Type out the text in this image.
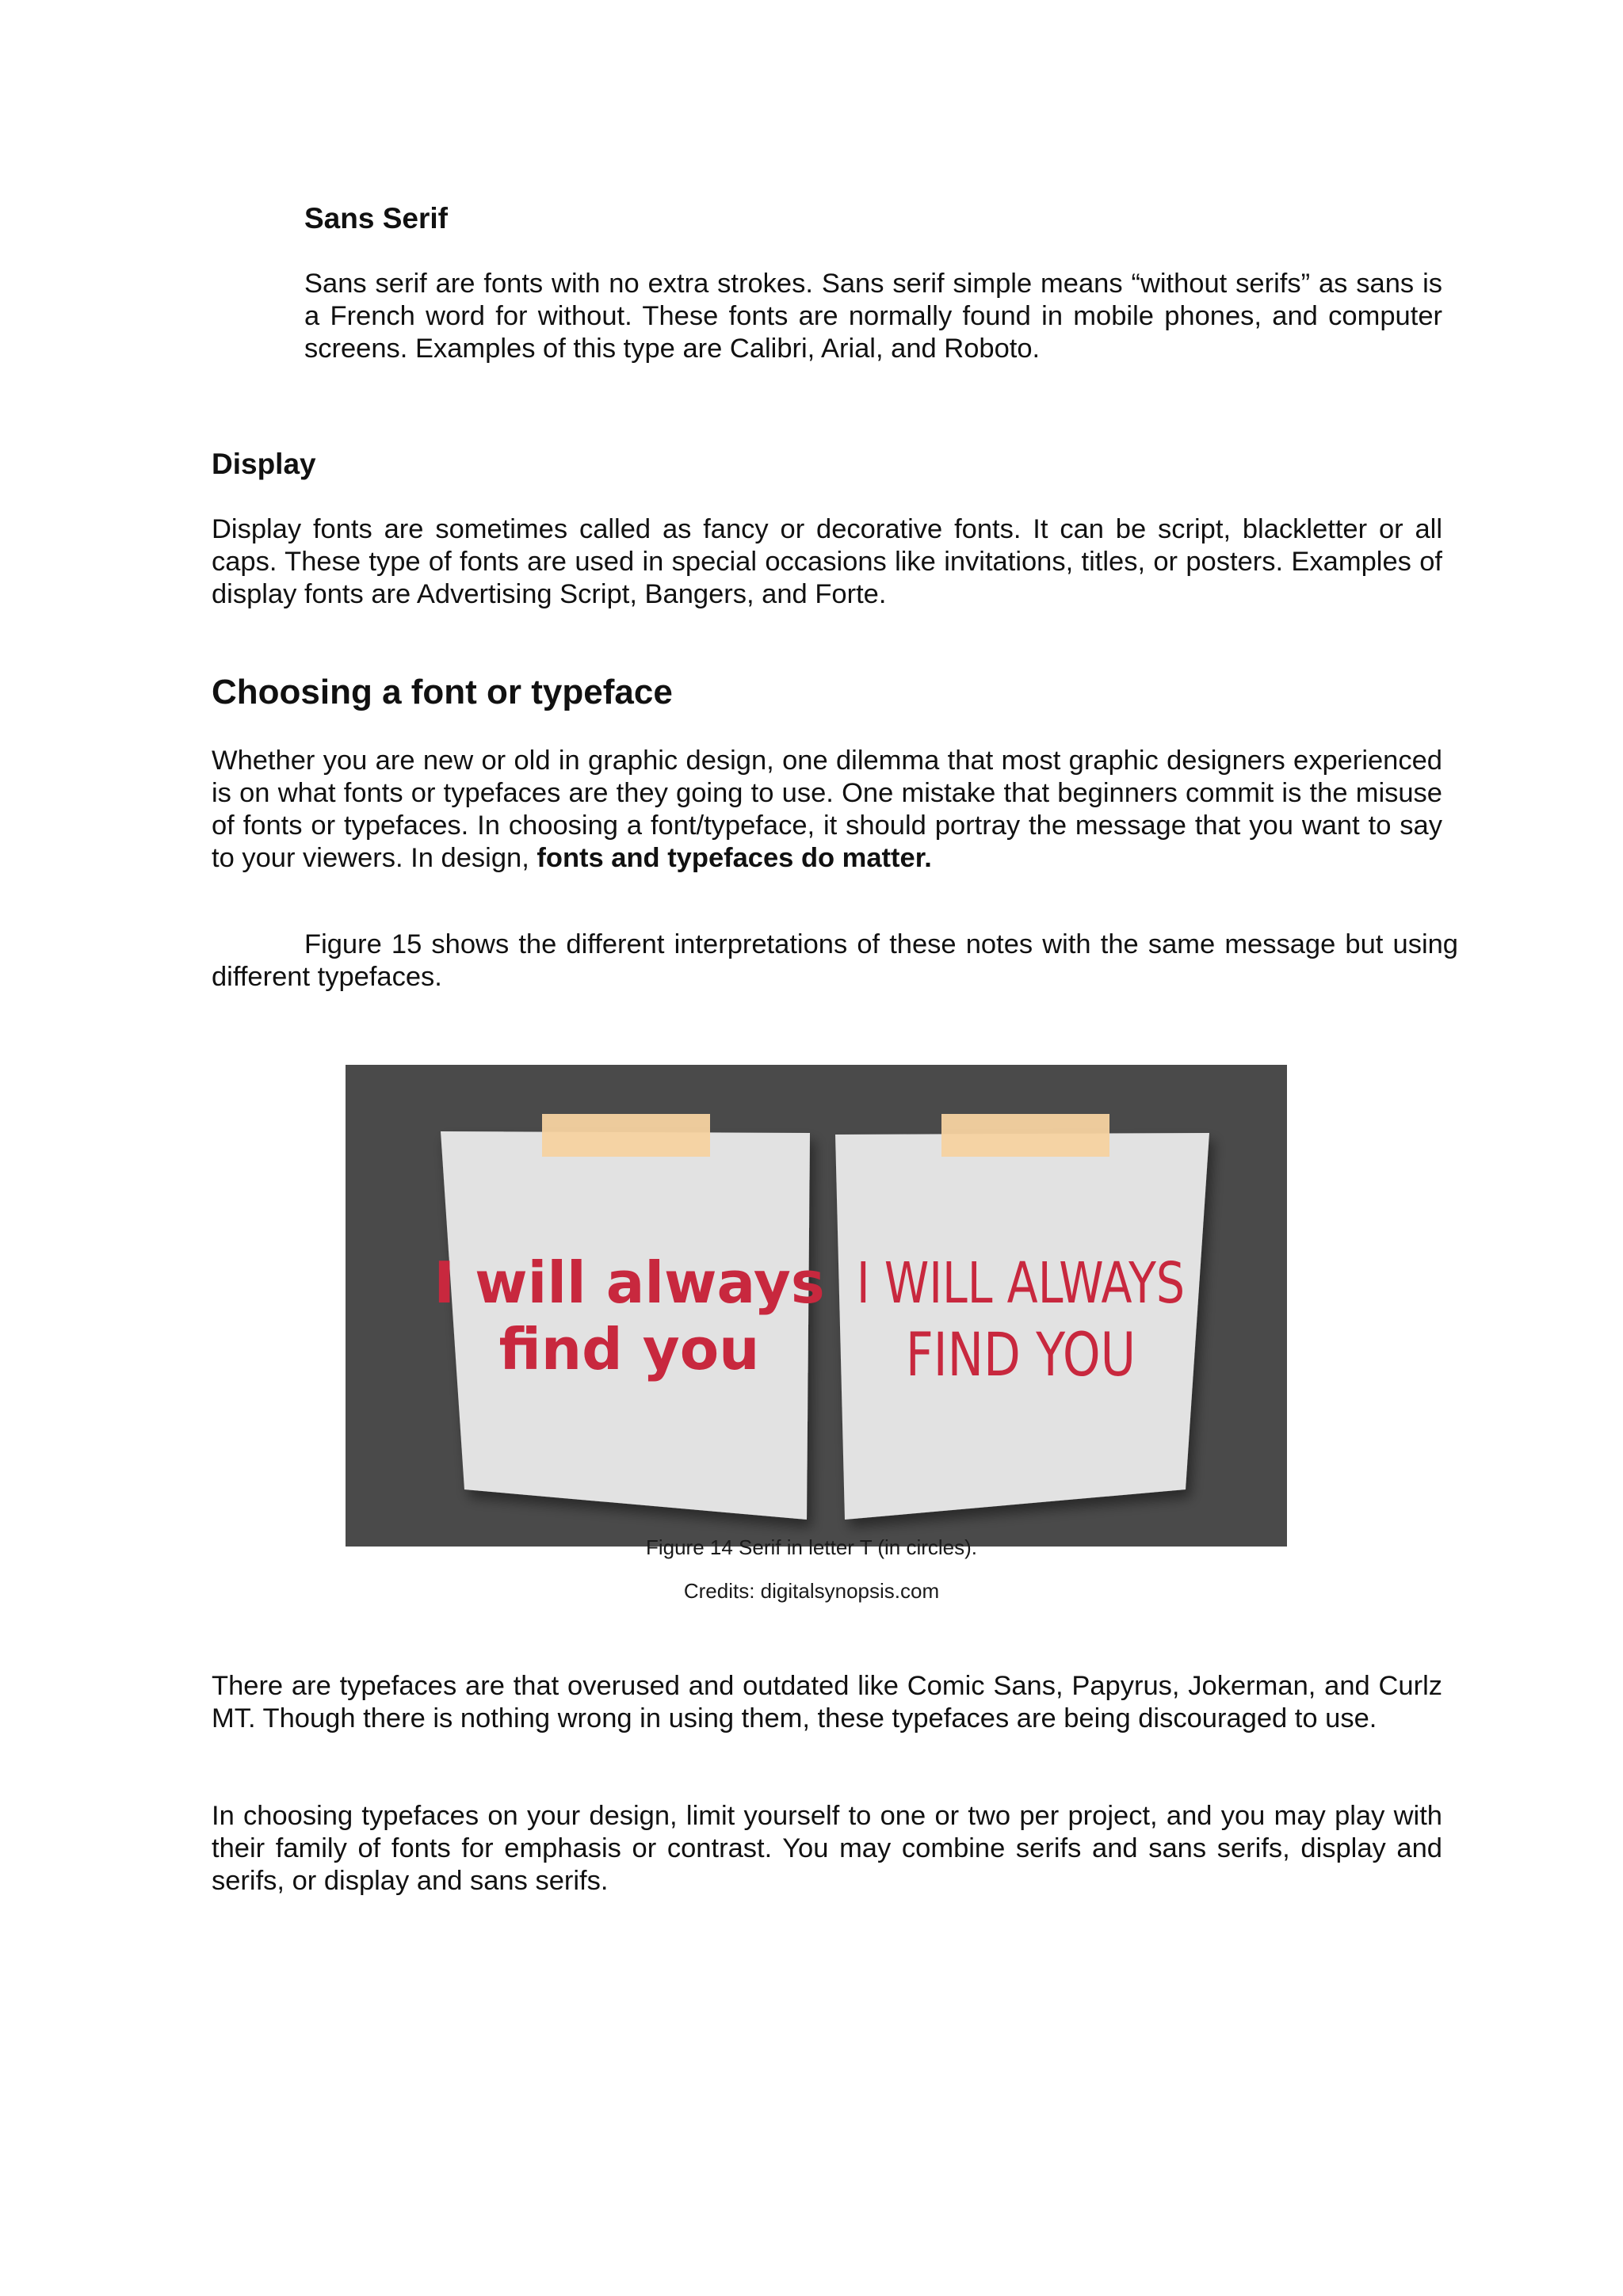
Sans Serif

Sans serif are fonts with no extra strokes. Sans serif simple means “without serifs” as sans is a French word for without. These fonts are normally found in mobile phones, and computer screens. Examples of this type are Calibri, Arial, and Roboto.

Display

Display fonts are sometimes called as fancy or decorative fonts. It can be script, blackletter or all caps. These type of fonts are used in special occasions like invitations, titles, or posters. Examples of display fonts are Advertising Script, Bangers, and Forte.

Choosing a font or typeface

Whether you are new or old in graphic design, one dilemma that most graphic designers experienced is on what fonts or typefaces are they going to use. One mistake that beginners commit is the misuse of fonts or typefaces. In choosing a font/typeface, it should portray the message that you want to say to your viewers. In design, fonts and typefaces do matter.

Figure 15 shows the different interpretations of these notes with the same message but using different typefaces.

I will always
find you
I WILL ALWAYS
FIND YOU
Figure 14 Serif in letter T (in circles).
Credits: digitalsynopsis.com

There are typefaces are that overused and outdated like Comic Sans, Papyrus, Jokerman, and Curlz MT. Though there is nothing wrong in using them, these typefaces are being discouraged to use.

In choosing typefaces on your design, limit yourself to one or two per project, and you may play with their family of fonts for emphasis or contrast. You may combine serifs and sans serifs, display and serifs, or display and sans serifs.
